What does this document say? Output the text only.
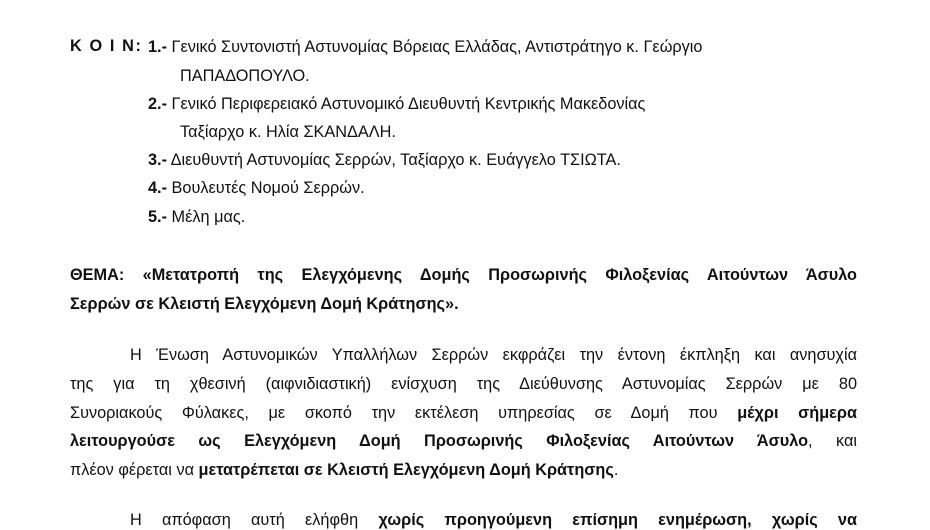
Κ Ο Ι Ν: 1.- Γενικό Συντονιστή Αστυνομίας Βόρειας Ελλάδας, Αντιστράτηγο κ. Γεώργιο
ΠΑΠΑΔΟΠΟΥΛΟ.
2.- Γενικό Περιφερειακό Αστυνομικό Διευθυντή Κεντρικής Μακεδονίας
Ταξίαρχο κ. Ηλία ΣΚΑΝΔΑΛΗ.
3.- Διευθυντή Αστυνομίας Σερρών, Ταξίαρχο κ. Ευάγγελο ΤΣΙΩΤΑ.
4.- Βουλευτές Νομού Σερρών.
5.- Μέλη μας.
ΘΕΜΑ: «Μετατροπή της Ελεγχόμενης Δομής Προσωρινής Φιλοξενίας Αιτούντων Άσυλο
Σερρών σε Κλειστή Ελεγχόμενη Δομή Κράτησης».
Η Ένωση Αστυνομικών Υπαλλήλων Σερρών εκφράζει την έντονη έκπληξη και ανησυχία
της για τη χθεσινή (αιφνιδιαστική) ενίσχυση της Διεύθυνσης Αστυνομίας Σερρών με 80
Συνοριακούς Φύλακες, με σκοπό την εκτέλεση υπηρεσίας σε Δομή που μέχρι σήμερα
λειτουργούσε ως Ελεγχόμενη Δομή Προσωρινής Φιλοξενίας Αιτούντων Άσυλο, και
πλέον φέρεται να μετατρέπεται σε Κλειστή Ελεγχόμενη Δομή Κράτησης.
Η απόφαση αυτή ελήφθη χωρίς προηγούμενη επίσημη ενημέρωση, χωρίς να
